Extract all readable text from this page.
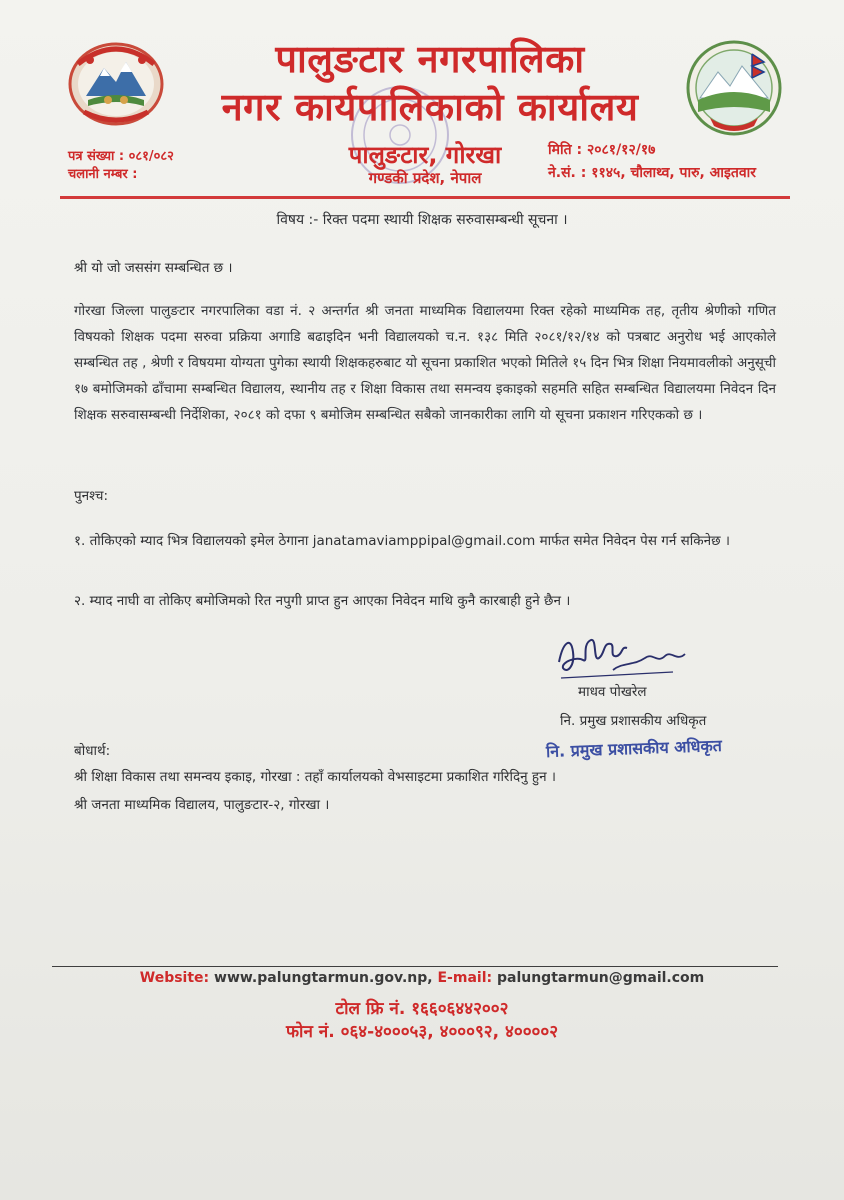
पालुङटार नगरपालिका
नगर कार्यपालिकाको कार्यालय
पत्र संख्या : ०८१/०८२
चलानी नम्बर :
पालुङटार, गोरखा
गण्डकी प्रदेश, नेपाल
मिति : २०८१/१२/१७
ने.सं. : ११४५, चौलाथ्व, पारु, आइतवार
विषय :- रिक्त पदमा स्थायी शिक्षक सरुवासम्बन्धी सूचना ।
श्री यो जो जससंग सम्बन्धित छ ।
गोरखा जिल्ला पालुङटार नगरपालिका वडा नं. २ अन्तर्गत श्री जनता माध्यमिक विद्यालयमा रिक्त रहेको माध्यमिक तह, तृतीय श्रेणीको गणित विषयको शिक्षक पदमा सरुवा प्रक्रिया अगाडि बढाइदिन भनी विद्यालयको च.न. १३८ मिति २०८१/१२/१४ को पत्रबाट अनुरोध भई आएकोले सम्बन्धित तह , श्रेणी र विषयमा योग्यता पुगेका स्थायी शिक्षकहरुबाट यो सूचना प्रकाशित भएको मितिले १५ दिन भित्र शिक्षा नियमावलीको अनुसूची १७ बमोजिमको ढाँचामा सम्बन्धित विद्यालय, स्थानीय तह र शिक्षा विकास तथा समन्वय इकाइको सहमति सहित सम्बन्धित विद्यालयमा निवेदन दिन शिक्षक सरुवासम्बन्धी निर्देशिका, २०८१ को दफा ९ बमोजिम सम्बन्धित सबैको जानकारीका लागि यो सूचना प्रकाशन गरिएकको छ ।
पुनश्च:
१. तोकिएको म्याद भित्र विद्यालयको इमेल ठेगाना janatamaviamppipal@gmail.com मार्फत समेत निवेदन पेस गर्न सकिनेछ ।
२. म्याद नाघी वा तोकिए बमोजिमको रित नपुगी प्राप्त हुन आएका निवेदन माथि कुनै कारबाही हुने छैन ।
माधव पोखरेल
नि. प्रमुख प्रशासकीय अधिकृत
नि. प्रमुख प्रशासकीय अधिकृत
बोधार्थ:
श्री शिक्षा विकास तथा समन्वय इकाइ, गोरखा : तहाँ कार्यालयको वेभसाइटमा प्रकाशित गरिदिनु हुन ।
श्री जनता माध्यमिक विद्यालय, पालुङटार-२, गोरखा ।
Website: www.palungtarmun.gov.np, E-mail: palungtarmun@gmail.com
टोल फ्रि नं. १६६०६४४२००२
फोन नं. ०६४-४०००५३, ४०००९२, ४००००२
